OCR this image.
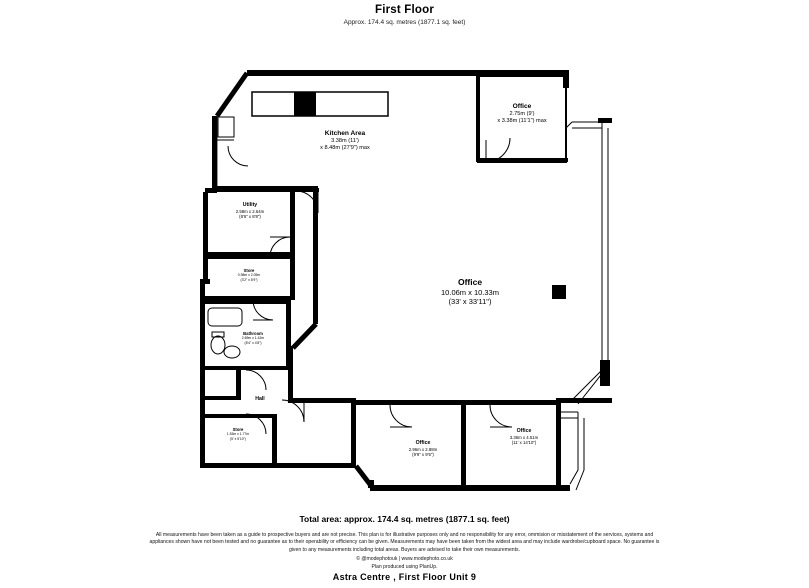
First Floor
Approx. 174.4 sq. metres (1877.1 sq. feet)
Kitchen Area
3.38m (11')
x 8.48m (27'9") max
Office
2.75m (9')
x 3.38m (11'1") max
Utility
2.58m x 2.64m
(8'6" x 8'8")
Store
0.98m x 2.05m
(3'2" x 6'9")
Bathroom
2.69m x 1.42m
(8'4" x 4'8")
Hall
Store
1.53m x 1.77m
(5' x 5'10")
Office
10.06m x 10.33m
(33' x 33'11")
Office
2.96m x 2.88m
(9'9" x 9'5")
Office
3.36m x 4.51m
(11' x 14'10")
Total area: approx. 174.4 sq. metres (1877.1 sq. feet)
All measurements have been taken as a guide to prospective buyers and are not precise. This plan is for illustrative purposes only and no responsibility for any error, ommision or misstatement of the services, systems and appliances shown have not been tested and no guarantee as to their operability or efficiency can be given. Measurements may have been taken from the widest area and may include wardrobe/cupboard space. No guarantee is given to any measurements including total areas. Buyers are advised to take their own measurements.
© @modephotouk | www.modephoto.co.uk
Plan produced using PlanUp.
Astra Centre , First Floor Unit 9
